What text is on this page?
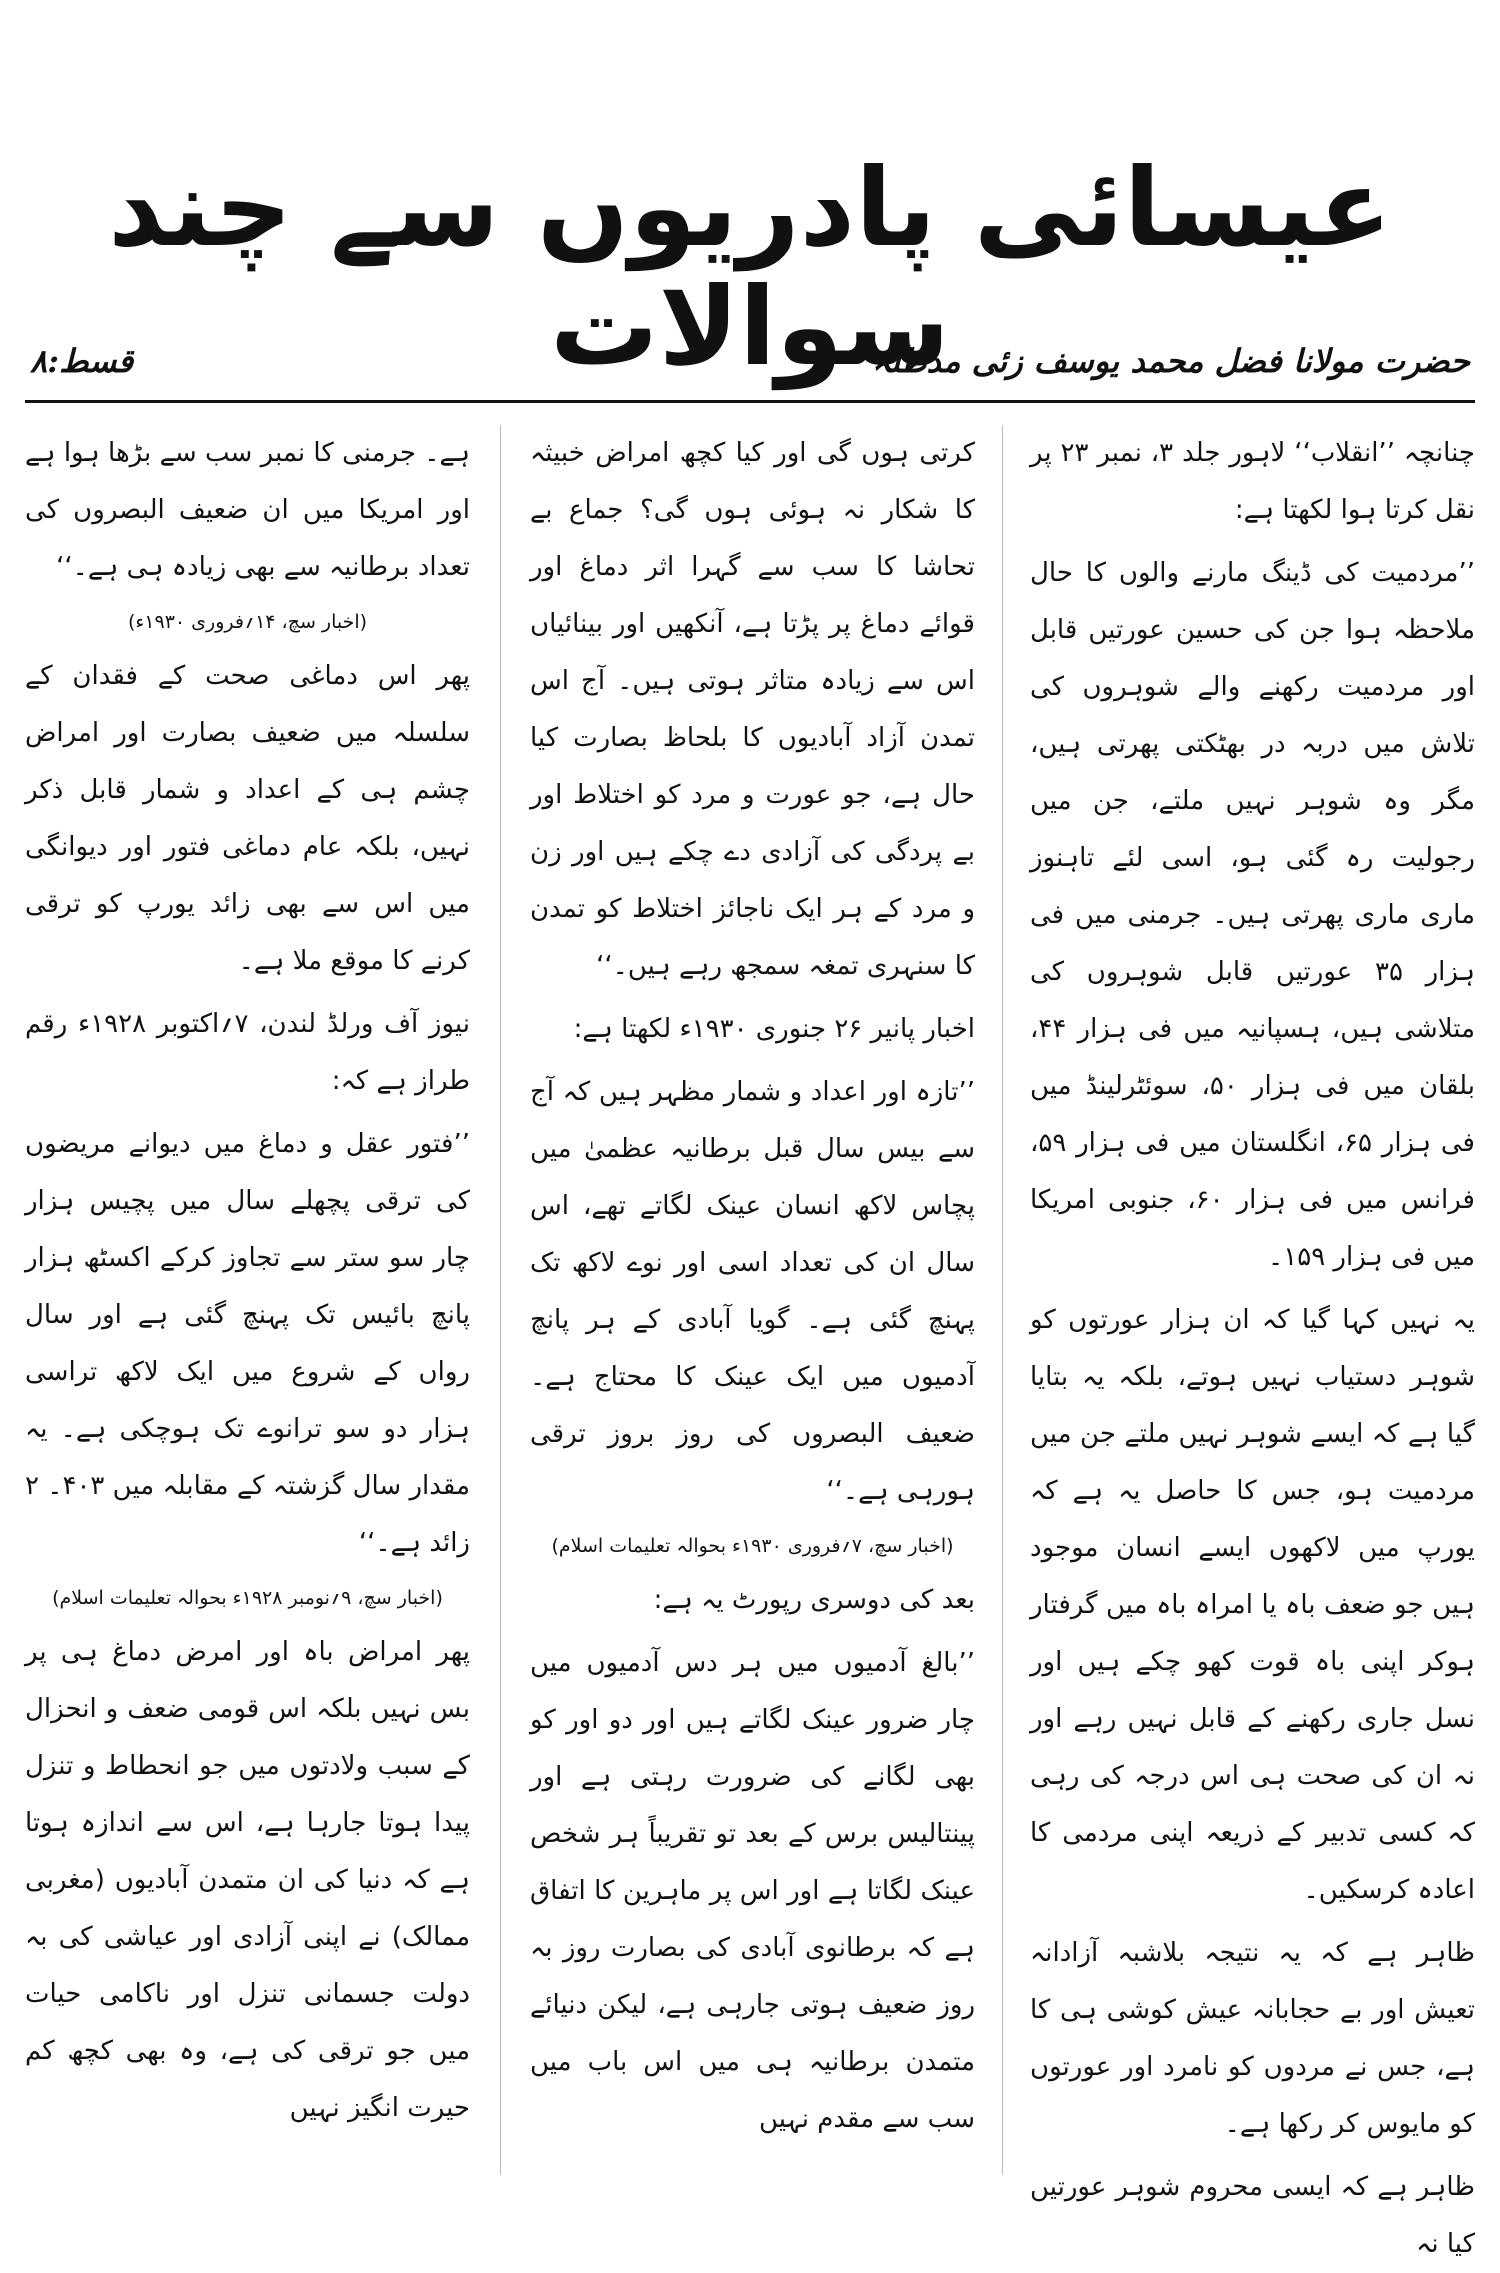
عیسائی پادریوں سے چند سوالات
حضرت مولانا فضل محمد یوسف زئی مدظلہ
قسط:۸

چنانچہ ’’انقلاب‘‘ لاہور جلد ۳، نمبر ۲۳ پر نقل کرتا ہوا لکھتا ہے:

’’مردمیت کی ڈینگ مارنے والوں کا حال ملاحظہ ہوا جن کی حسین عورتیں قابل اور مردمیت رکھنے والے شوہروں کی تلاش میں دربہ در بھٹکتی پھرتی ہیں، مگر وہ شوہر نہیں ملتے، جن میں رجولیت رہ گئی ہو، اسی لئے تاہنوز ماری ماری پھرتی ہیں۔ جرمنی میں فی ہزار ۳۵ عورتیں قابل شوہروں کی متلاشی ہیں، ہسپانیہ میں فی ہزار ۴۴، بلقان میں فی ہزار ۵۰، سوئٹرلینڈ میں فی ہزار ۶۵، انگلستان میں فی ہزار ۵۹، فرانس میں فی ہزار ۶۰، جنوبی امریکا میں فی ہزار ۱۵۹۔

یہ نہیں کہا گیا کہ ان ہزار عورتوں کو شوہر دستیاب نہیں ہوتے، بلکہ یہ بتایا گیا ہے کہ ایسے شوہر نہیں ملتے جن میں مردمیت ہو، جس کا حاصل یہ ہے کہ یورپ میں لاکھوں ایسے انسان موجود ہیں جو ضعف باہ یا امراہ باہ میں گرفتار ہوکر اپنی باہ قوت کھو چکے ہیں اور نسل جاری رکھنے کے قابل نہیں رہے اور نہ ان کی صحت ہی اس درجہ کی رہی کہ کسی تدبیر کے ذریعہ اپنی مردمی کا اعادہ کرسکیں۔

ظاہر ہے کہ یہ نتیجہ بلاشبہ آزادانہ تعیش اور بے حجابانہ عیش کوشی ہی کا ہے، جس نے مردوں کو نامرد اور عورتوں کو مایوس کر رکھا ہے۔

ظاہر ہے کہ ایسی محروم شوہر عورتیں کیا نہ

کرتی ہوں گی اور کیا کچھ امراض خبیثہ کا شکار نہ ہوئی ہوں گی؟ جماع بے تحاشا کا سب سے گہرا اثر دماغ اور قوائے دماغ پر پڑتا ہے، آنکھیں اور بینائیاں اس سے زیادہ متاثر ہوتی ہیں۔ آج اس تمدن آزاد آبادیوں کا بلحاظ بصارت کیا حال ہے، جو عورت و مرد کو اختلاط اور بے پردگی کی آزادی دے چکے ہیں اور زن و مرد کے ہر ایک ناجائز اختلاط کو تمدن کا سنہری تمغہ سمجھ رہے ہیں۔‘‘

اخبار پانیر ۲۶ جنوری ۱۹۳۰ء لکھتا ہے:

’’تازہ اور اعداد و شمار مظہر ہیں کہ آج سے بیس سال قبل برطانیہ عظمیٰ میں پچاس لاکھ انسان عینک لگاتے تھے، اس سال ان کی تعداد اسی اور نوے لاکھ تک پہنچ گئی ہے۔ گویا آبادی کے ہر پانچ آدمیوں میں ایک عینک کا محتاج ہے۔ ضعیف البصروں کی روز بروز ترقی ہورہی ہے۔‘‘

(اخبار سچ، ۷؍فروری ۱۹۳۰ء بحوالہ تعلیمات اسلام)

بعد کی دوسری رپورٹ یہ ہے:

’’بالغ آدمیوں میں ہر دس آدمیوں میں چار ضرور عینک لگاتے ہیں اور دو اور کو بھی لگانے کی ضرورت رہتی ہے اور پینتالیس برس کے بعد تو تقریباً ہر شخص عینک لگاتا ہے اور اس پر ماہرین کا اتفاق ہے کہ برطانوی آبادی کی بصارت روز بہ روز ضعیف ہوتی جارہی ہے، لیکن دنیائے متمدن برطانیہ ہی میں اس باب میں سب سے مقدم نہیں

ہے۔ جرمنی کا نمبر سب سے بڑھا ہوا ہے اور امریکا میں ان ضعیف البصروں کی تعداد برطانیہ سے بھی زیادہ ہی ہے۔‘‘

(اخبار سچ، ۱۴؍فروری ۱۹۳۰ء)

پھر اس دماغی صحت کے فقدان کے سلسلہ میں ضعیف بصارت اور امراض چشم ہی کے اعداد و شمار قابل ذکر نہیں، بلکہ عام دماغی فتور اور دیوانگی میں اس سے بھی زائد یورپ کو ترقی کرنے کا موقع ملا ہے۔

نیوز آف ورلڈ لندن، ۷؍اکتوبر ۱۹۲۸ء رقم طراز ہے کہ:

’’فتور عقل و دماغ میں دیوانے مریضوں کی ترقی پچھلے سال میں پچیس ہزار چار سو ستر سے تجاوز کرکے اکسٹھ ہزار پانچ بائیس تک پہنچ گئی ہے اور سال رواں کے شروع میں ایک لاکھ تراسی ہزار دو سو ترانوے تک ہوچکی ہے۔ یہ مقدار سال گزشتہ کے مقابلہ میں ۴۰۳۔ ۲ زائد ہے۔‘‘

(اخبار سچ، ۹؍نومبر ۱۹۲۸ء بحوالہ تعلیمات اسلام)

پھر امراض باہ اور امرض دماغ ہی پر بس نہیں بلکہ اس قومی ضعف و انحزال کے سبب ولادتوں میں جو انحطاط و تنزل پیدا ہوتا جارہا ہے، اس سے اندازہ ہوتا ہے کہ دنیا کی ان متمدن آبادیوں (مغربی ممالک) نے اپنی آزادی اور عیاشی کی بہ دولت جسمانی تنزل اور ناکامی حیات میں جو ترقی کی ہے، وہ بھی کچھ کم حیرت انگیز نہیں
